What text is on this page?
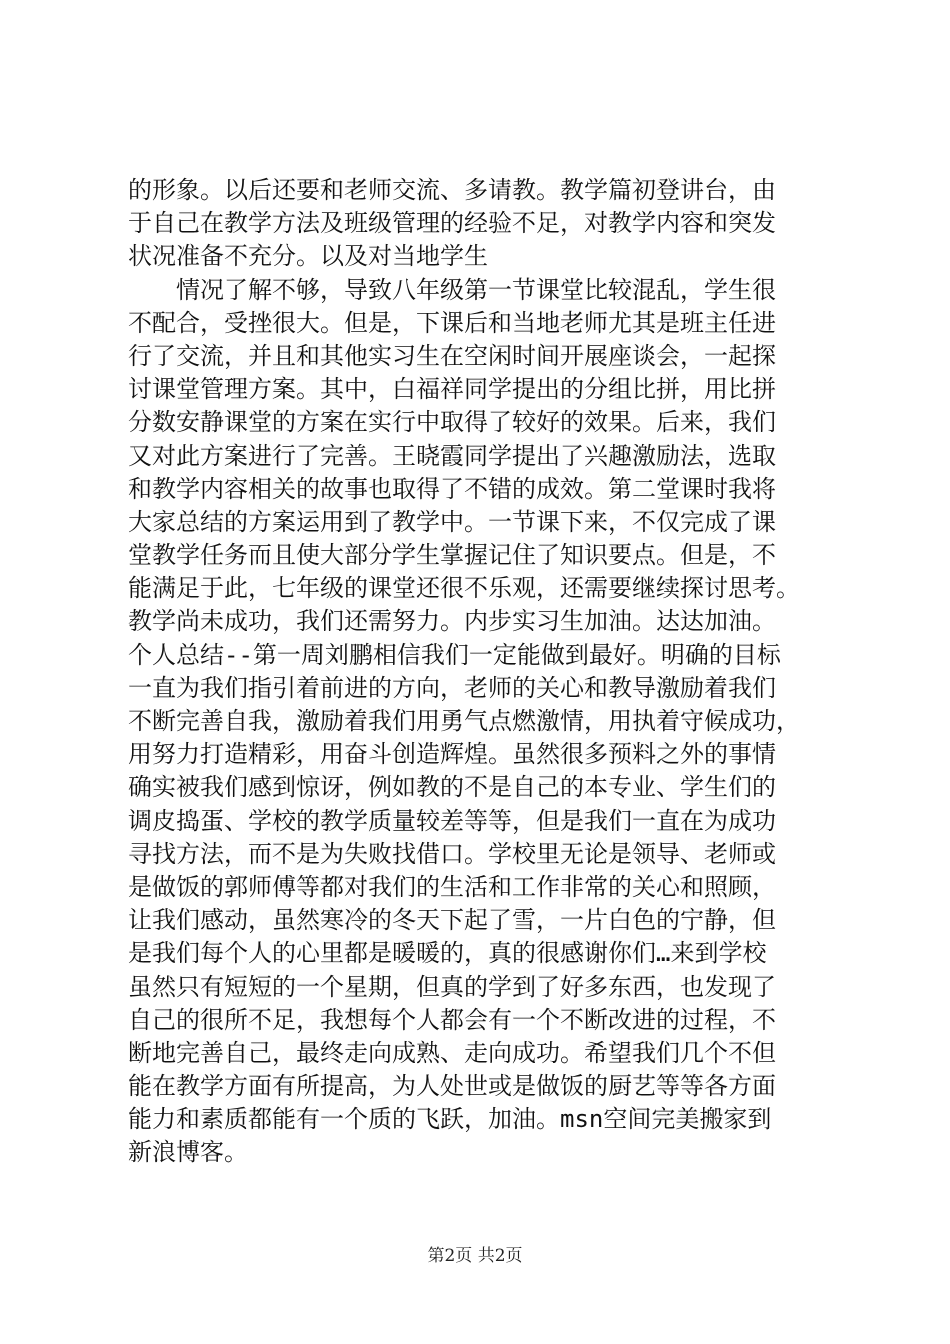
的形象。以后还要和老师交流、多请教。教学篇初登讲台，由
于自己在教学方法及班级管理的经验不足，对教学内容和突发
状况准备不充分。以及对当地学生
　　情况了解不够，导致八年级第一节课堂比较混乱，学生很
不配合，受挫很大。但是，下课后和当地老师尤其是班主任进
行了交流，并且和其他实习生在空闲时间开展座谈会，一起探
讨课堂管理方案。其中，白福祥同学提出的分组比拼，用比拼
分数安静课堂的方案在实行中取得了较好的效果。后来，我们
又对此方案进行了完善。王晓霞同学提出了兴趣激励法，选取
和教学内容相关的故事也取得了不错的成效。第二堂课时我将
大家总结的方案运用到了教学中。一节课下来，不仅完成了课
堂教学任务而且使大部分学生掌握记住了知识要点。但是，不
能满足于此，七年级的课堂还很不乐观，还需要继续探讨思考。
教学尚未成功，我们还需努力。内步实习生加油。达达加油。
个人总结--第一周刘鹏相信我们一定能做到最好。明确的目标
一直为我们指引着前进的方向，老师的关心和教导激励着我们
不断完善自我，激励着我们用勇气点燃激情，用执着守候成功，
用努力打造精彩，用奋斗创造辉煌。虽然很多预料之外的事情
确实被我们感到惊讶，例如教的不是自己的本专业、学生们的
调皮捣蛋、学校的教学质量较差等等，但是我们一直在为成功
寻找方法，而不是为失败找借口。学校里无论是领导、老师或
是做饭的郭师傅等都对我们的生活和工作非常的关心和照顾，
让我们感动，虽然寒冷的冬天下起了雪，一片白色的宁静，但
是我们每个人的心里都是暖暖的，真的很感谢你们…来到学校
虽然只有短短的一个星期，但真的学到了好多东西，也发现了
自己的很所不足，我想每个人都会有一个不断改进的过程，不
断地完善自己，最终走向成熟、走向成功。希望我们几个不但
能在教学方面有所提高，为人处世或是做饭的厨艺等等各方面
能力和素质都能有一个质的飞跃，加油。msn空间完美搬家到
新浪博客。
第2页 共2页
